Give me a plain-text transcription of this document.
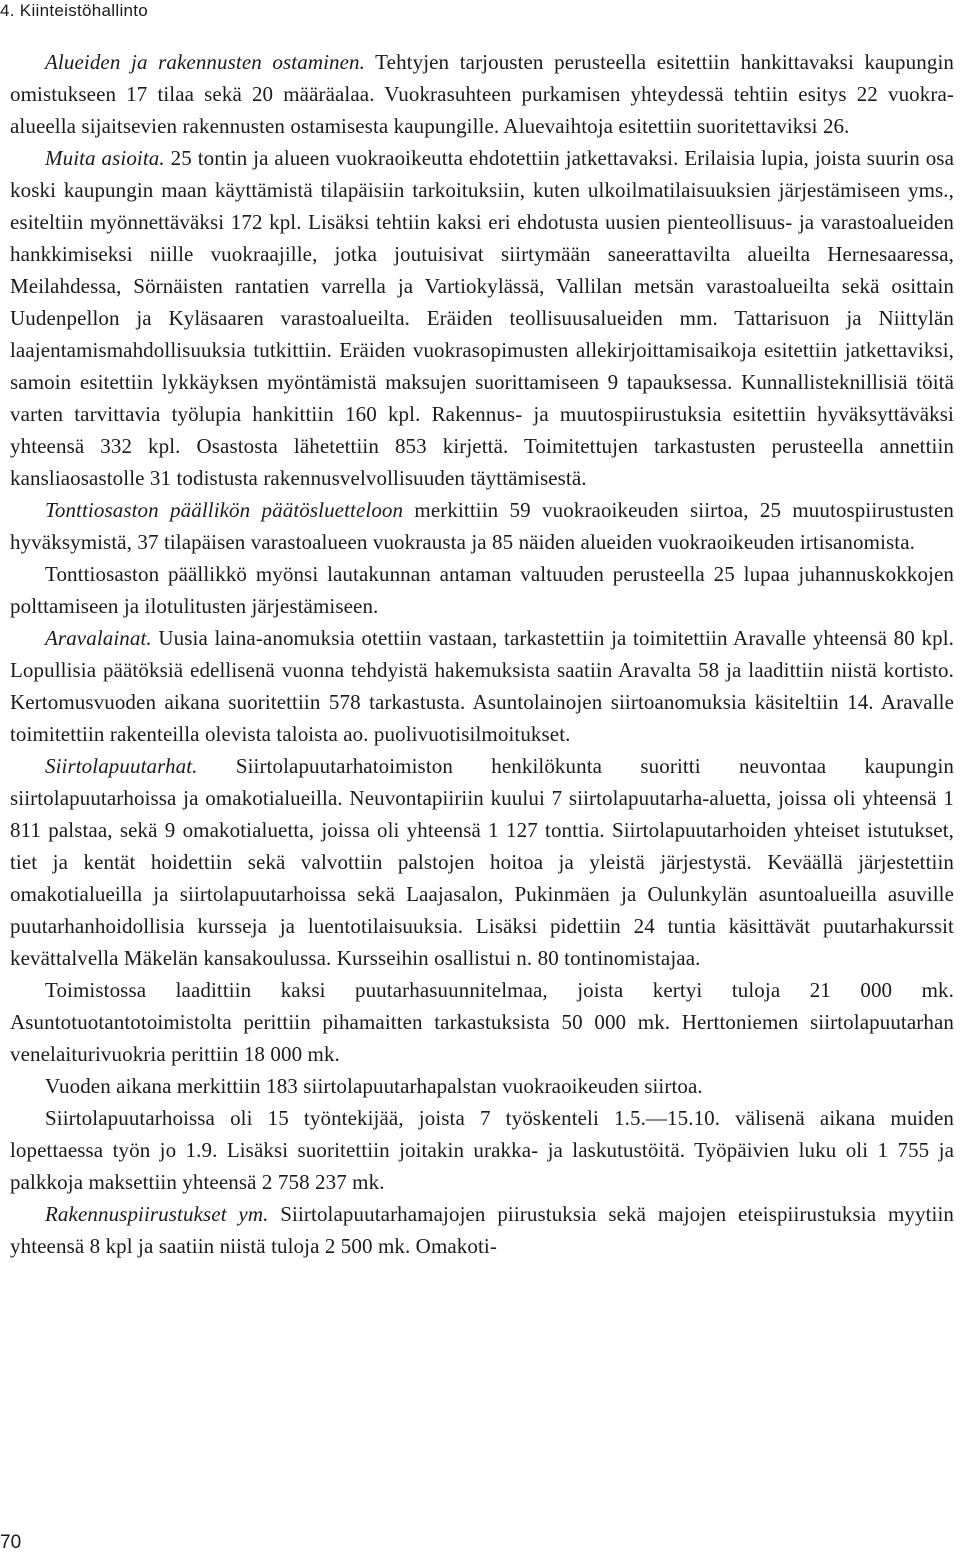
4. Kiinteistöhallinto

Alueiden ja rakennusten ostaminen. Tehtyjen tarjousten perusteella esitettiin hankittavaksi kaupungin omistukseen 17 tilaa sekä 20 määräalaa. Vuokrasuhteen purkamisen yhteydessä tehtiin esitys 22 vuokra-alueella sijaitsevien rakennusten ostamisesta kaupungille. Aluevaihtoja esitettiin suoritettaviksi 26.

Muita asioita. 25 tontin ja alueen vuokraoikeutta ehdotettiin jatkettavaksi. Erilaisia lupia, joista suurin osa koski kaupungin maan käyttämistä tilapäisiin tarkoituksiin, kuten ulkoilmatilaisuuksien järjestämiseen yms., esiteltiin myönnettäväksi 172 kpl. Lisäksi tehtiin kaksi eri ehdotusta uusien pienteollisuus- ja varastoalueiden hankkimiseksi niille vuokraajille, jotka joutuisivat siirtymään saneerattavilta alueilta Hernesaaressa, Meilahdessa, Sörnäisten rantatien varrella ja Vartiokylässä, Vallilan metsän varastoalueilta sekä osittain Uudenpellon ja Kyläsaaren varastoalueilta. Eräiden teollisuusalueiden mm. Tattarisuon ja Niittylän laajentamismahdollisuuksia tutkittiin. Eräiden vuokrasopimusten allekirjoittamisaikoja esitettiin jatkettaviksi, samoin esitettiin lykkäyksen myöntämistä maksujen suorittamiseen 9 tapauksessa. Kunnallisteknillisiä töitä varten tarvittavia työlupia hankittiin 160 kpl. Rakennus- ja muutospiirustuksia esitettiin hyväksyttäväksi yhteensä 332 kpl. Osastosta lähetettiin 853 kirjettä. Toimitettujen tarkastusten perusteella annettiin kansliaosastolle 31 todistusta rakennusvelvollisuuden täyttämisestä.

Tonttiosaston päällikön päätösluetteloon merkittiin 59 vuokraoikeuden siirtoa, 25 muutospiirustusten hyväksymistä, 37 tilapäisen varastoalueen vuokrausta ja 85 näiden alueiden vuokraoikeuden irtisanomista.

Tonttiosaston päällikkö myönsi lautakunnan antaman valtuuden perusteella 25 lupaa juhannuskokkojen polttamiseen ja ilotulitusten järjestämiseen.

Aravalainat. Uusia laina-anomuksia otettiin vastaan, tarkastettiin ja toimitettiin Aravalle yhteensä 80 kpl. Lopullisia päätöksiä edellisenä vuonna tehdyistä hakemuksista saatiin Aravalta 58 ja laadittiin niistä kortisto. Kertomusvuoden aikana suoritettiin 578 tarkastusta. Asuntolainojen siirtoanomuksia käsiteltiin 14. Aravalle toimitettiin rakenteilla olevista taloista ao. puolivuotisilmoitukset.

Siirtolapuutarhat. Siirtolapuutarhatoimiston henkilökunta suoritti neuvontaa kaupungin siirtolapuutarhoissa ja omakotialueilla. Neuvontapiiriin kuului 7 siirtolapuutarha-aluetta, joissa oli yhteensä 1 811 palstaa, sekä 9 omakotialuetta, joissa oli yhteensä 1 127 tonttia. Siirtolapuutarhoiden yhteiset istutukset, tiet ja kentät hoidettiin sekä valvottiin palstojen hoitoa ja yleistä järjestystä. Keväällä järjestettiin omakotialueilla ja siirtolapuutarhoissa sekä Laajasalon, Pukinmäen ja Oulunkylän asuntoalueilla asuville puutarhanhoidollisia kursseja ja luentotilaisuuksia. Lisäksi pidettiin 24 tuntia käsittävät puutarhakurssit kevättalvella Mäkelän kansakoulussa. Kursseihin osallistui n. 80 tontinomistajaa.

Toimistossa laadittiin kaksi puutarhasuunnitelmaa, joista kertyi tuloja 21 000 mk. Asuntotuotantotoimistolta perittiin pihamaitten tarkastuksista 50 000 mk. Herttoniemen siirtolapuutarhan venelaiturivuokria perittiin 18 000 mk.

Vuoden aikana merkittiin 183 siirtolapuutarhapalstan vuokraoikeuden siirtoa.

Siirtolapuutarhoissa oli 15 työntekijää, joista 7 työskenteli 1.5.—15.10. välisenä aikana muiden lopettaessa työn jo 1.9. Lisäksi suoritettiin joitakin urakka- ja laskutustöitä. Työpäivien luku oli 1 755 ja palkkoja maksettiin yhteensä 2 758 237 mk.

Rakennuspiirustukset ym. Siirtolapuutarhamajojen piirustuksia sekä majojen eteispiirustuksia myytiin yhteensä 8 kpl ja saatiin niistä tuloja 2 500 mk. Omakoti-

70
